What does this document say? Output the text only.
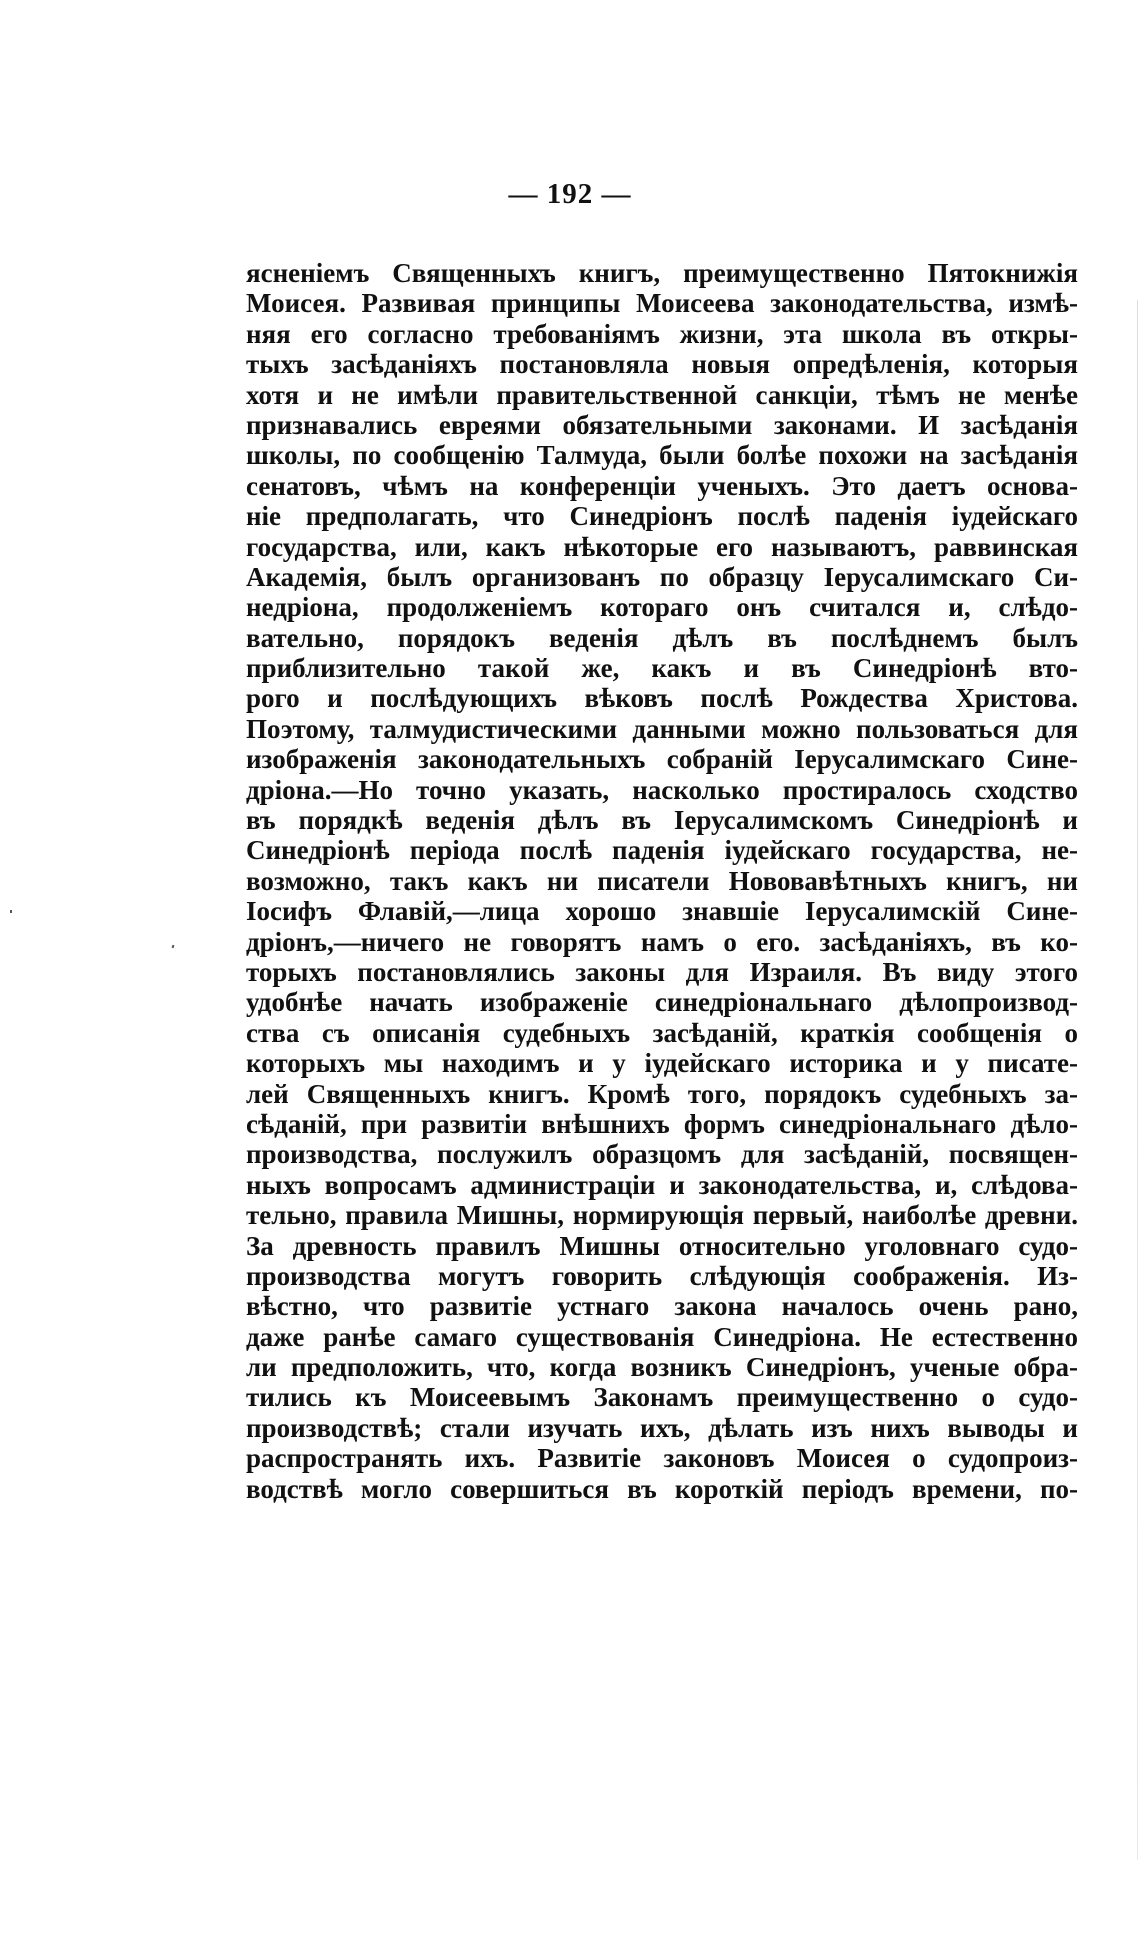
— 192 —
ясненіемъ Священныхъ книгъ, преимущественно Пятокнижія
Моисея. Развивая принципы Моисеева законодательства, измѣ-
няя его согласно требованіямъ жизни, эта школа въ откры-
тыхъ засѣданіяхъ постановляла новыя опредѣленія, которыя
хотя и не имѣли правительственной санкціи, тѣмъ не менѣе
признавались евреями обязательными законами. И засѣданія
школы, по сообщенію Талмуда, были болѣе похожи на засѣданія
сенатовъ, чѣмъ на конференціи ученыхъ. Это даетъ основа-
ніе предполагать, что Синедріонъ послѣ паденія іудейскаго
государства, или, какъ нѣкоторые его называютъ, раввинская
Академія, былъ организованъ по образцу Іерусалимскаго Си-
недріона, продолженіемъ котораго онъ считался и, слѣдо-
вательно, порядокъ веденія дѣлъ въ послѣднемъ былъ
приблизительно такой же, какъ и въ Синедріонѣ вто-
рого и послѣдующихъ вѣковъ послѣ Рождества Христова.
Поэтому, талмудистическими данными можно пользоваться для
изображенія законодательныхъ собраній Іерусалимскаго Сине-
дріона.—Но точно указать, насколько простиралось сходство
въ порядкѣ веденія дѣлъ въ Іерусалимскомъ Синедріонѣ и
Синедріонѣ періода послѣ паденія іудейскаго государства, не-
возможно, такъ какъ ни писатели Нововавѣтныхъ книгъ, ни
Іосифъ Флавій,—лица хорошо знавшіе Іерусалимскій Сине-
дріонъ,—ничего не говорятъ намъ о его. засѣданіяхъ, въ ко-
торыхъ постановлялись законы для Израиля. Въ виду этого
удобнѣе начать изображеніе синедріональнаго дѣлопроизвод-
ства съ описанія судебныхъ засѣданій, краткія сообщенія о
которыхъ мы находимъ и у іудейскаго историка и у писате-
лей Священныхъ книгъ. Кромѣ того, порядокъ судебныхъ за-
сѣданій, при развитіи внѣшнихъ формъ синедріональнаго дѣло-
производства, послужилъ образцомъ для засѣданій, посвящен-
ныхъ вопросамъ администраціи и законодательства, и, слѣдова-
тельно, правила Мишны, нормирующія первый, наиболѣе древни.
За древность правилъ Мишны относительно уголовнаго судо-
производства могутъ говорить слѣдующія соображенія. Из-
вѣстно, что развитіе устнаго закона началось очень рано,
даже ранѣе самаго существованія Синедріона. Не естественно
ли предположить, что, когда возникъ Синедріонъ, ученые обра-
тились къ Моисеевымъ Законамъ преимущественно о судо-
производствѣ; стали изучать ихъ, дѣлать изъ нихъ выводы и
распространять ихъ. Развитіе законовъ Моисея о судопроиз-
водствѣ могло совершиться въ короткій періодъ времени, по-
